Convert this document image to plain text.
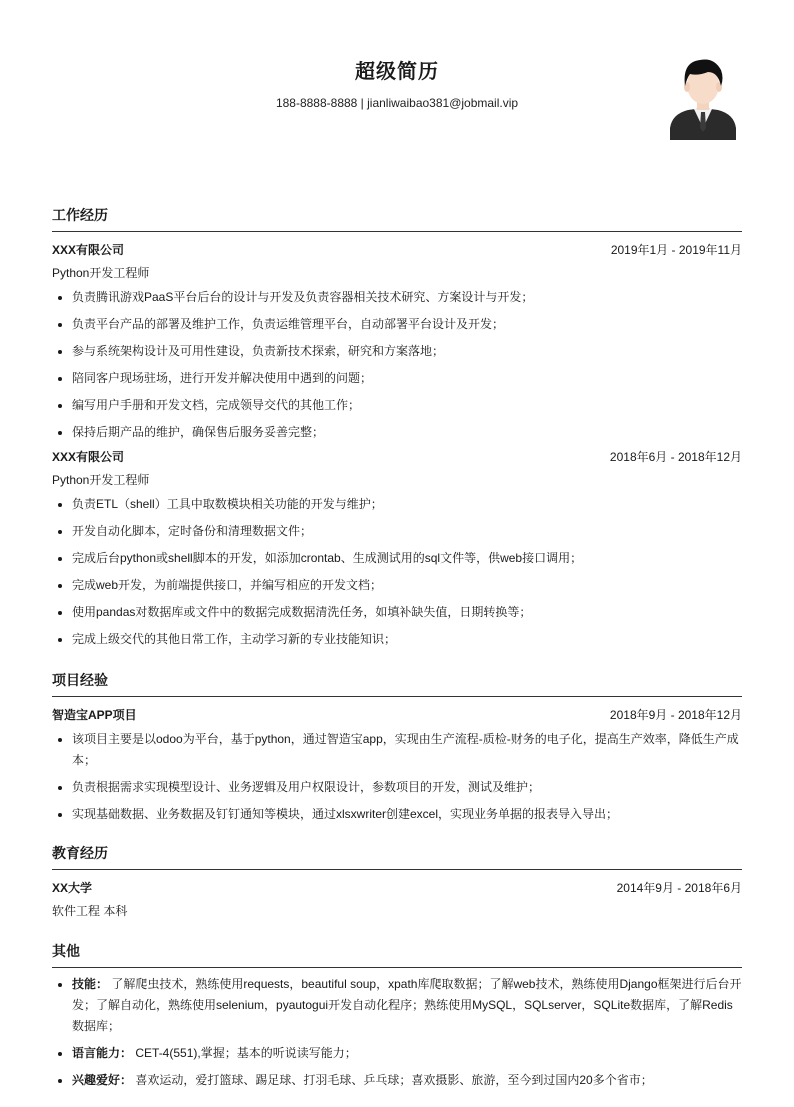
超级简历
188-8888-8888 | jianliwaibao381@jobmail.vip
工作经历
XXX有限公司	2019年1月 - 2019年11月
Python开发工程师
• 负责腾讯游戏PaaS平台后台的设计与开发及负责容器相关技术研究、方案设计与开发；
• 负责平台产品的部署及维护工作，负责运维管理平台，自动部署平台设计及开发；
• 参与系统架构设计及可用性建设，负责新技术探索，研究和方案落地；
• 陪同客户现场驻场，进行开发并解决使用中遇到的问题；
• 编写用户手册和开发文档，完成领导交代的其他工作；
• 保持后期产品的维护，确保售后服务妥善完整；
XXX有限公司	2018年6月 - 2018年12月
Python开发工程师
• 负责ETL（shell）工具中取数模块相关功能的开发与维护；
• 开发自动化脚本，定时备份和清理数据文件；
• 完成后台python或shell脚本的开发，如添加crontab、生成测试用的sql文件等，供web接口调用；
• 完成web开发，为前端提供接口，并编写相应的开发文档；
• 使用pandas对数据库或文件中的数据完成数据清洗任务，如填补缺失值，日期转换等；
• 完成上级交代的其他日常工作，主动学习新的专业技能知识；
项目经验
智造宝APP项目	2018年9月 - 2018年12月
• 该项目主要是以odoo为平台，基于python，通过智造宝app，实现由生产流程-质检-财务的电子化，提高生产效率，降低生产成本；
• 负责根据需求实现模型设计、业务逻辑及用户权限设计，参数项目的开发，测试及维护；
• 实现基础数据、业务数据及钉钉通知等模块，通过xlsxwriter创建excel，实现业务单据的报表导入导出；
教育经历
XX大学	2014年9月 - 2018年6月
软件工程 本科
其他
• 技能： 了解爬虫技术，熟练使用requests，beautiful soup，xpath库爬取数据；了解web技术，熟练使用Django框架进行后台开发；了解自动化，熟练使用selenium，pyautogui开发自动化程序；熟练使用MySQL，SQLserver，SQLite数据库，了解Redis数据库；
• 语言能力： CET-4(551),掌握；基本的听说读写能力；
• 兴趣爱好： 喜欢运动，爱打篮球、踢足球、打羽毛球、乒乓球；喜欢摄影、旅游，至今到过国内20多个省市；
